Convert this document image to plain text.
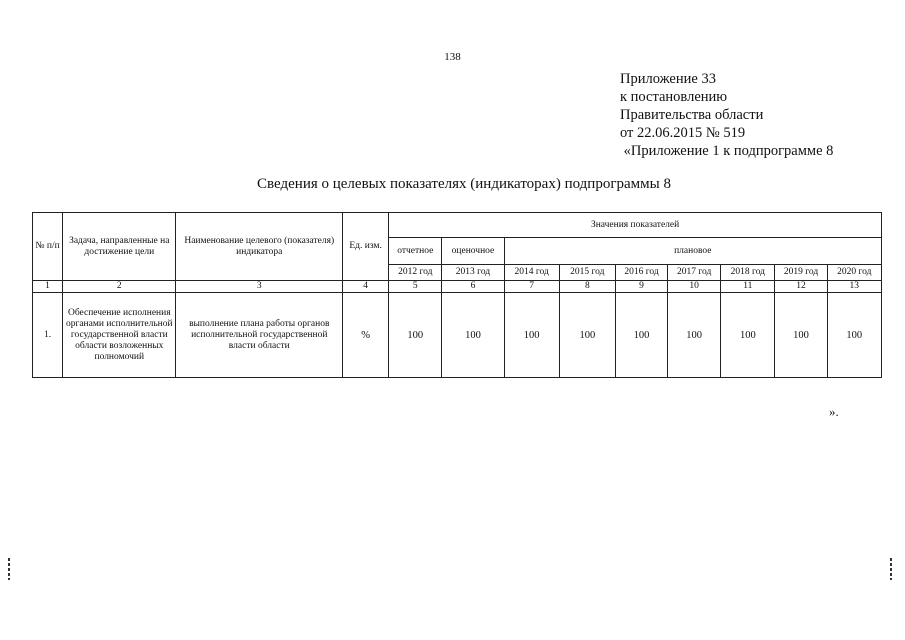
138
Приложение 33
к постановлению
Правительства области
от 22.06.2015 № 519
«Приложение 1 к подпрограмме 8
Сведения о целевых показателях (индикаторах) подпрограммы 8
№ п/п	Задача, направленные на достижение цели	Наименование целевого (показателя) индикатора	Ед. изм.	Значения показателей								
				отчетное	оценочное	плановое						
				2012 год	2013 год	2014 год	2015 год	2016 год	2017 год	2018 год	2019 год	2020 год
1	2	3	4	5	6	7	8	9	10	11	12	13
1.	Обеспечение исполнения органами исполнительной государственной власти области возложенных полномочий	выполнение плана работы органов исполнительной государственной власти области	%	100	100	100	100	100	100	100	100	100
».
